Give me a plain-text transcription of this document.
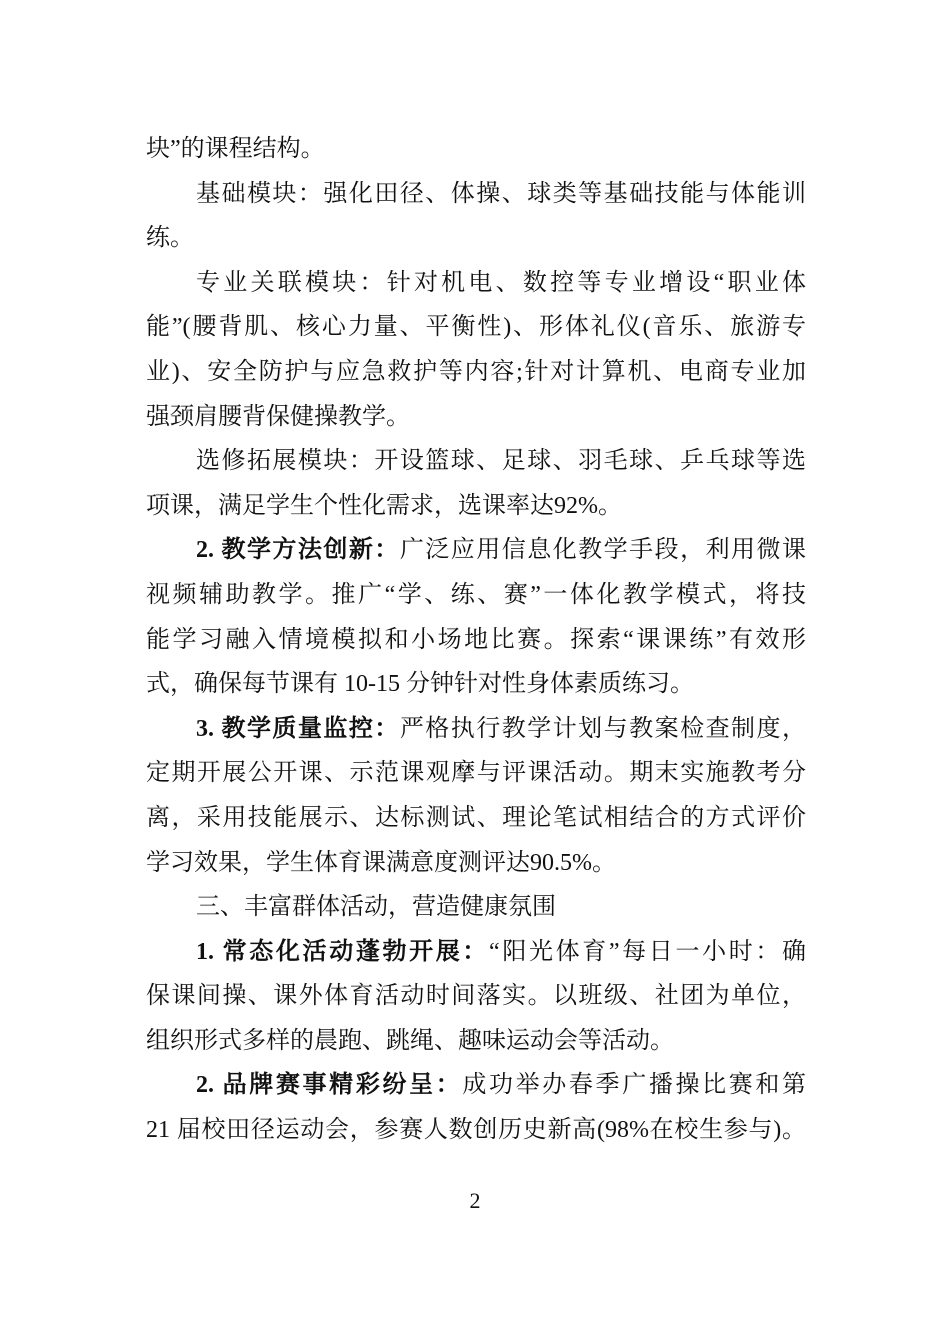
块”的课程结构。
基础模块：强化田径、体操、球类等基础技能与体能训
练。
专业关联模块：针对机电、数控等专业增设“职业体
能”(腰背肌、核心力量、平衡性)、形体礼仪(音乐、旅游专
业)、安全防护与应急救护等内容;针对计算机、电商专业加
强颈肩腰背保健操教学。
选修拓展模块：开设篮球、足球、羽毛球、乒乓球等选
项课，满足学生个性化需求，选课率达92%。
2. 教学方法创新：广泛应用信息化教学手段，利用微课
视频辅助教学。推广“学、练、赛”一体化教学模式，将技
能学习融入情境模拟和小场地比赛。探索“课课练”有效形
式，确保每节课有 10-15 分钟针对性身体素质练习。
3. 教学质量监控：严格执行教学计划与教案检查制度，
定期开展公开课、示范课观摩与评课活动。期末实施教考分
离，采用技能展示、达标测试、理论笔试相结合的方式评价
学习效果，学生体育课满意度测评达90.5%。
三、丰富群体活动，营造健康氛围
1. 常态化活动蓬勃开展：“阳光体育”每日一小时：确
保课间操、课外体育活动时间落实。以班级、社团为单位，
组织形式多样的晨跑、跳绳、趣味运动会等活动。
2. 品牌赛事精彩纷呈：成功举办春季广播操比赛和第
21 届校田径运动会，参赛人数创历史新高(98%在校生参与)。
2
